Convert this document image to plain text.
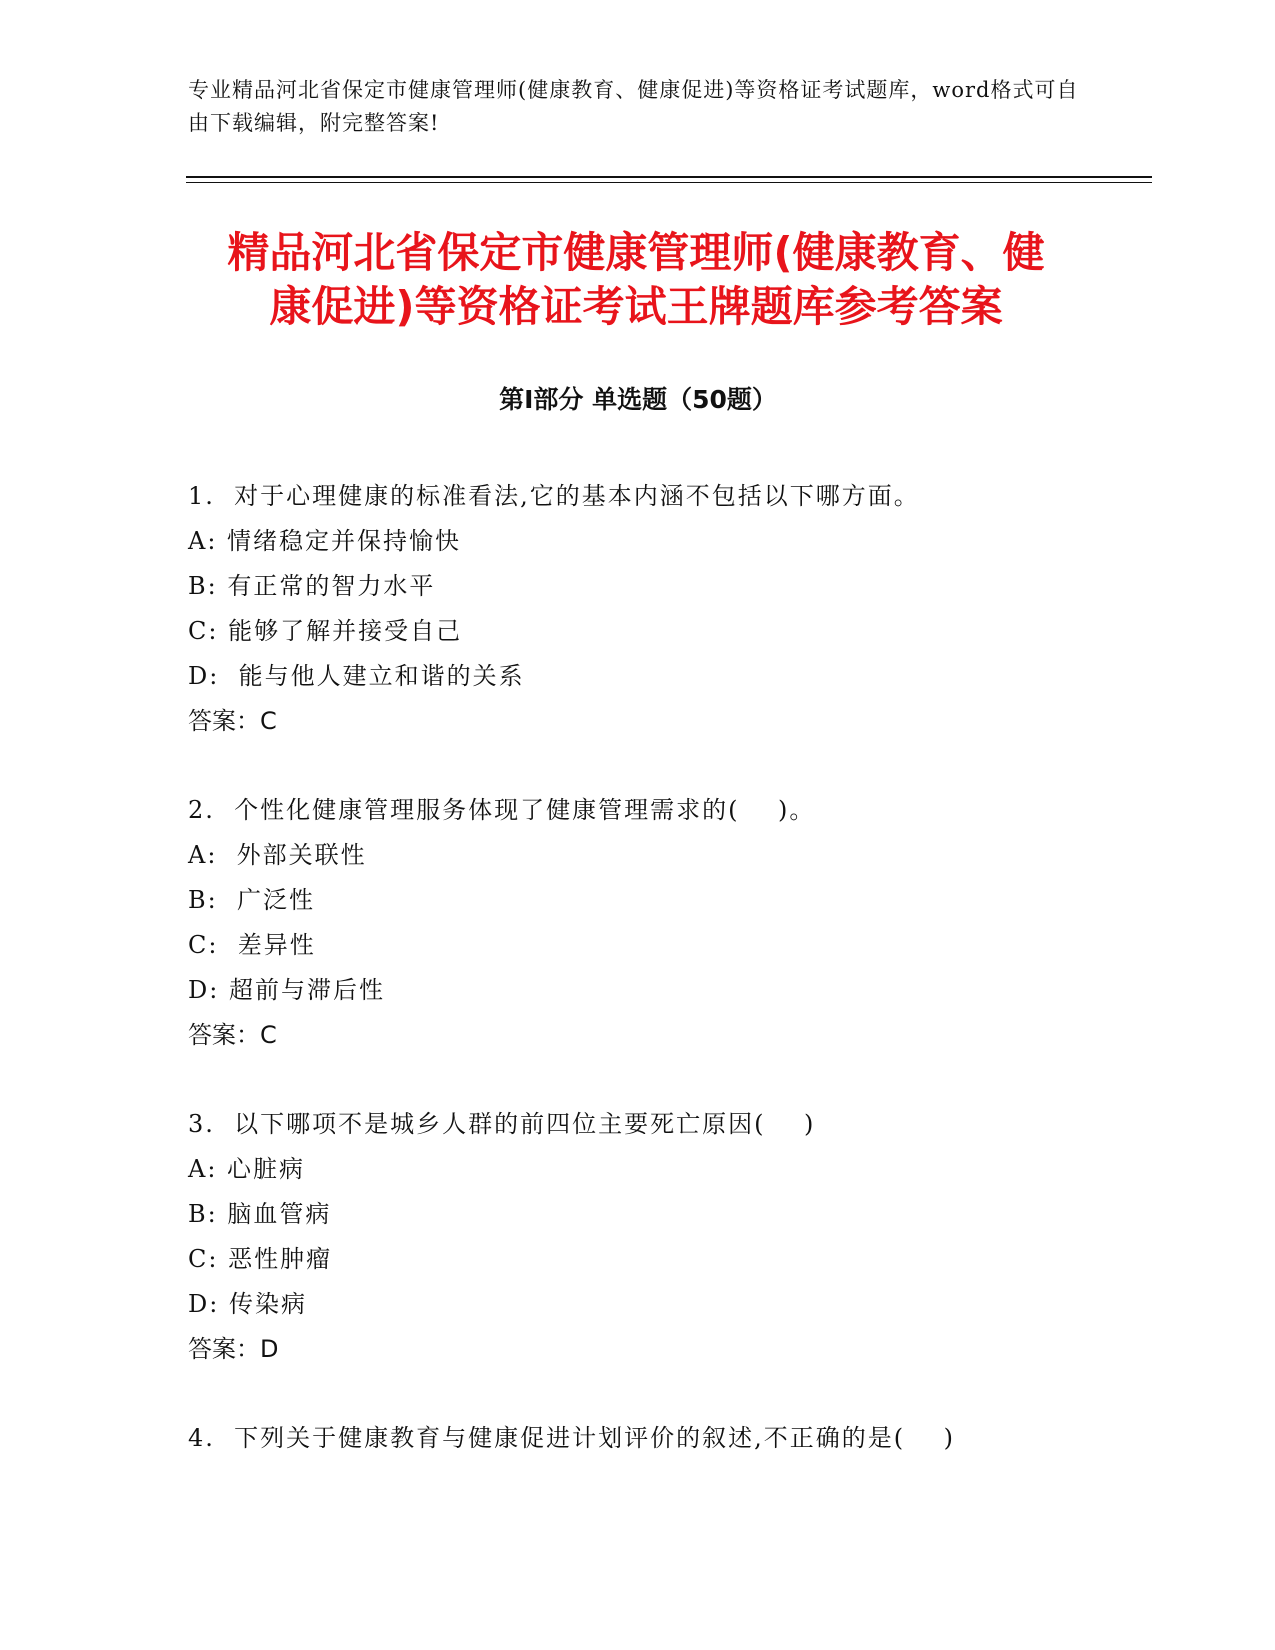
专业精品河北省保定市健康管理师(健康教育、健康促进)等资格证考试题库，word格式可自由下载编辑，附完整答案!
精品河北省保定市健康管理师(健康教育、健
康促进)等资格证考试王牌题库参考答案
第Ⅰ部分 单选题（50题）
1.  对于心理健康的标准看法,它的基本内涵不包括以下哪方面。
A: 情绪稳定并保持愉快
B: 有正常的智力水平
C: 能够了解并接受自己
D:  能与他人建立和谐的关系
答案：C
2.  个性化健康管理服务体现了健康管理需求的(    )。
A:  外部关联性
B:  广泛性
C:  差异性
D: 超前与滞后性
答案：C
3.  以下哪项不是城乡人群的前四位主要死亡原因(    )
A: 心脏病
B: 脑血管病
C: 恶性肿瘤
D: 传染病
答案：D
4.  下列关于健康教育与健康促进计划评价的叙述,不正确的是(    )
